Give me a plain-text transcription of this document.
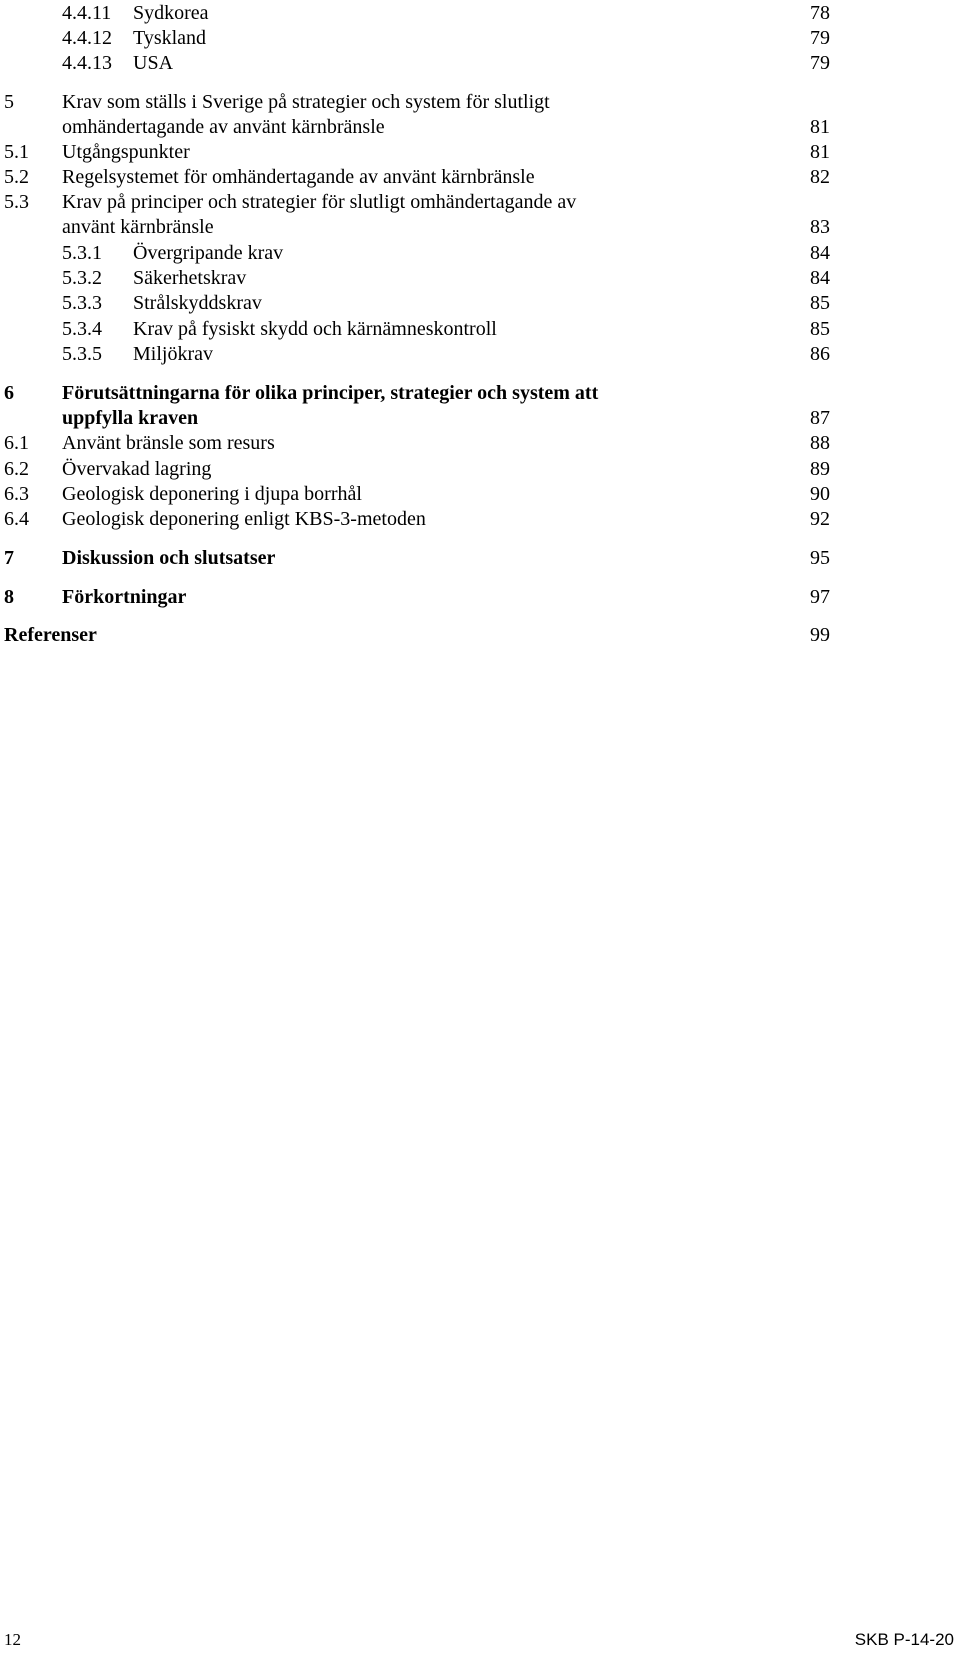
4.4.11 Sydkorea	78
4.4.12 Tyskland	79
4.4.13 USA	79
5 Krav som ställs i Sverige på strategier och system för slutligt
omhändertagande av använt kärnbränsle	81
5.1 Utgångspunkter	81
5.2 Regelsystemet för omhändertagande av använt kärnbränsle	82
5.3 Krav på principer och strategier för slutligt omhändertagande av
använt kärnbränsle	83
5.3.1 Övergripande krav	84
5.3.2 Säkerhetskrav	84
5.3.3 Strålskyddskrav	85
5.3.4 Krav på fysiskt skydd och kärnämneskontroll	85
5.3.5 Miljökrav	86
6 Förutsättningarna för olika principer, strategier och system att
uppfylla kraven	87
6.1 Använt bränsle som resurs	88
6.2 Övervakad lagring	89
6.3 Geologisk deponering i djupa borrhål	90
6.4 Geologisk deponering enligt KBS-3-metoden	92
7 Diskussion och slutsatser	95
8 Förkortningar	97
Referenser	99
12	SKB P-14-20
